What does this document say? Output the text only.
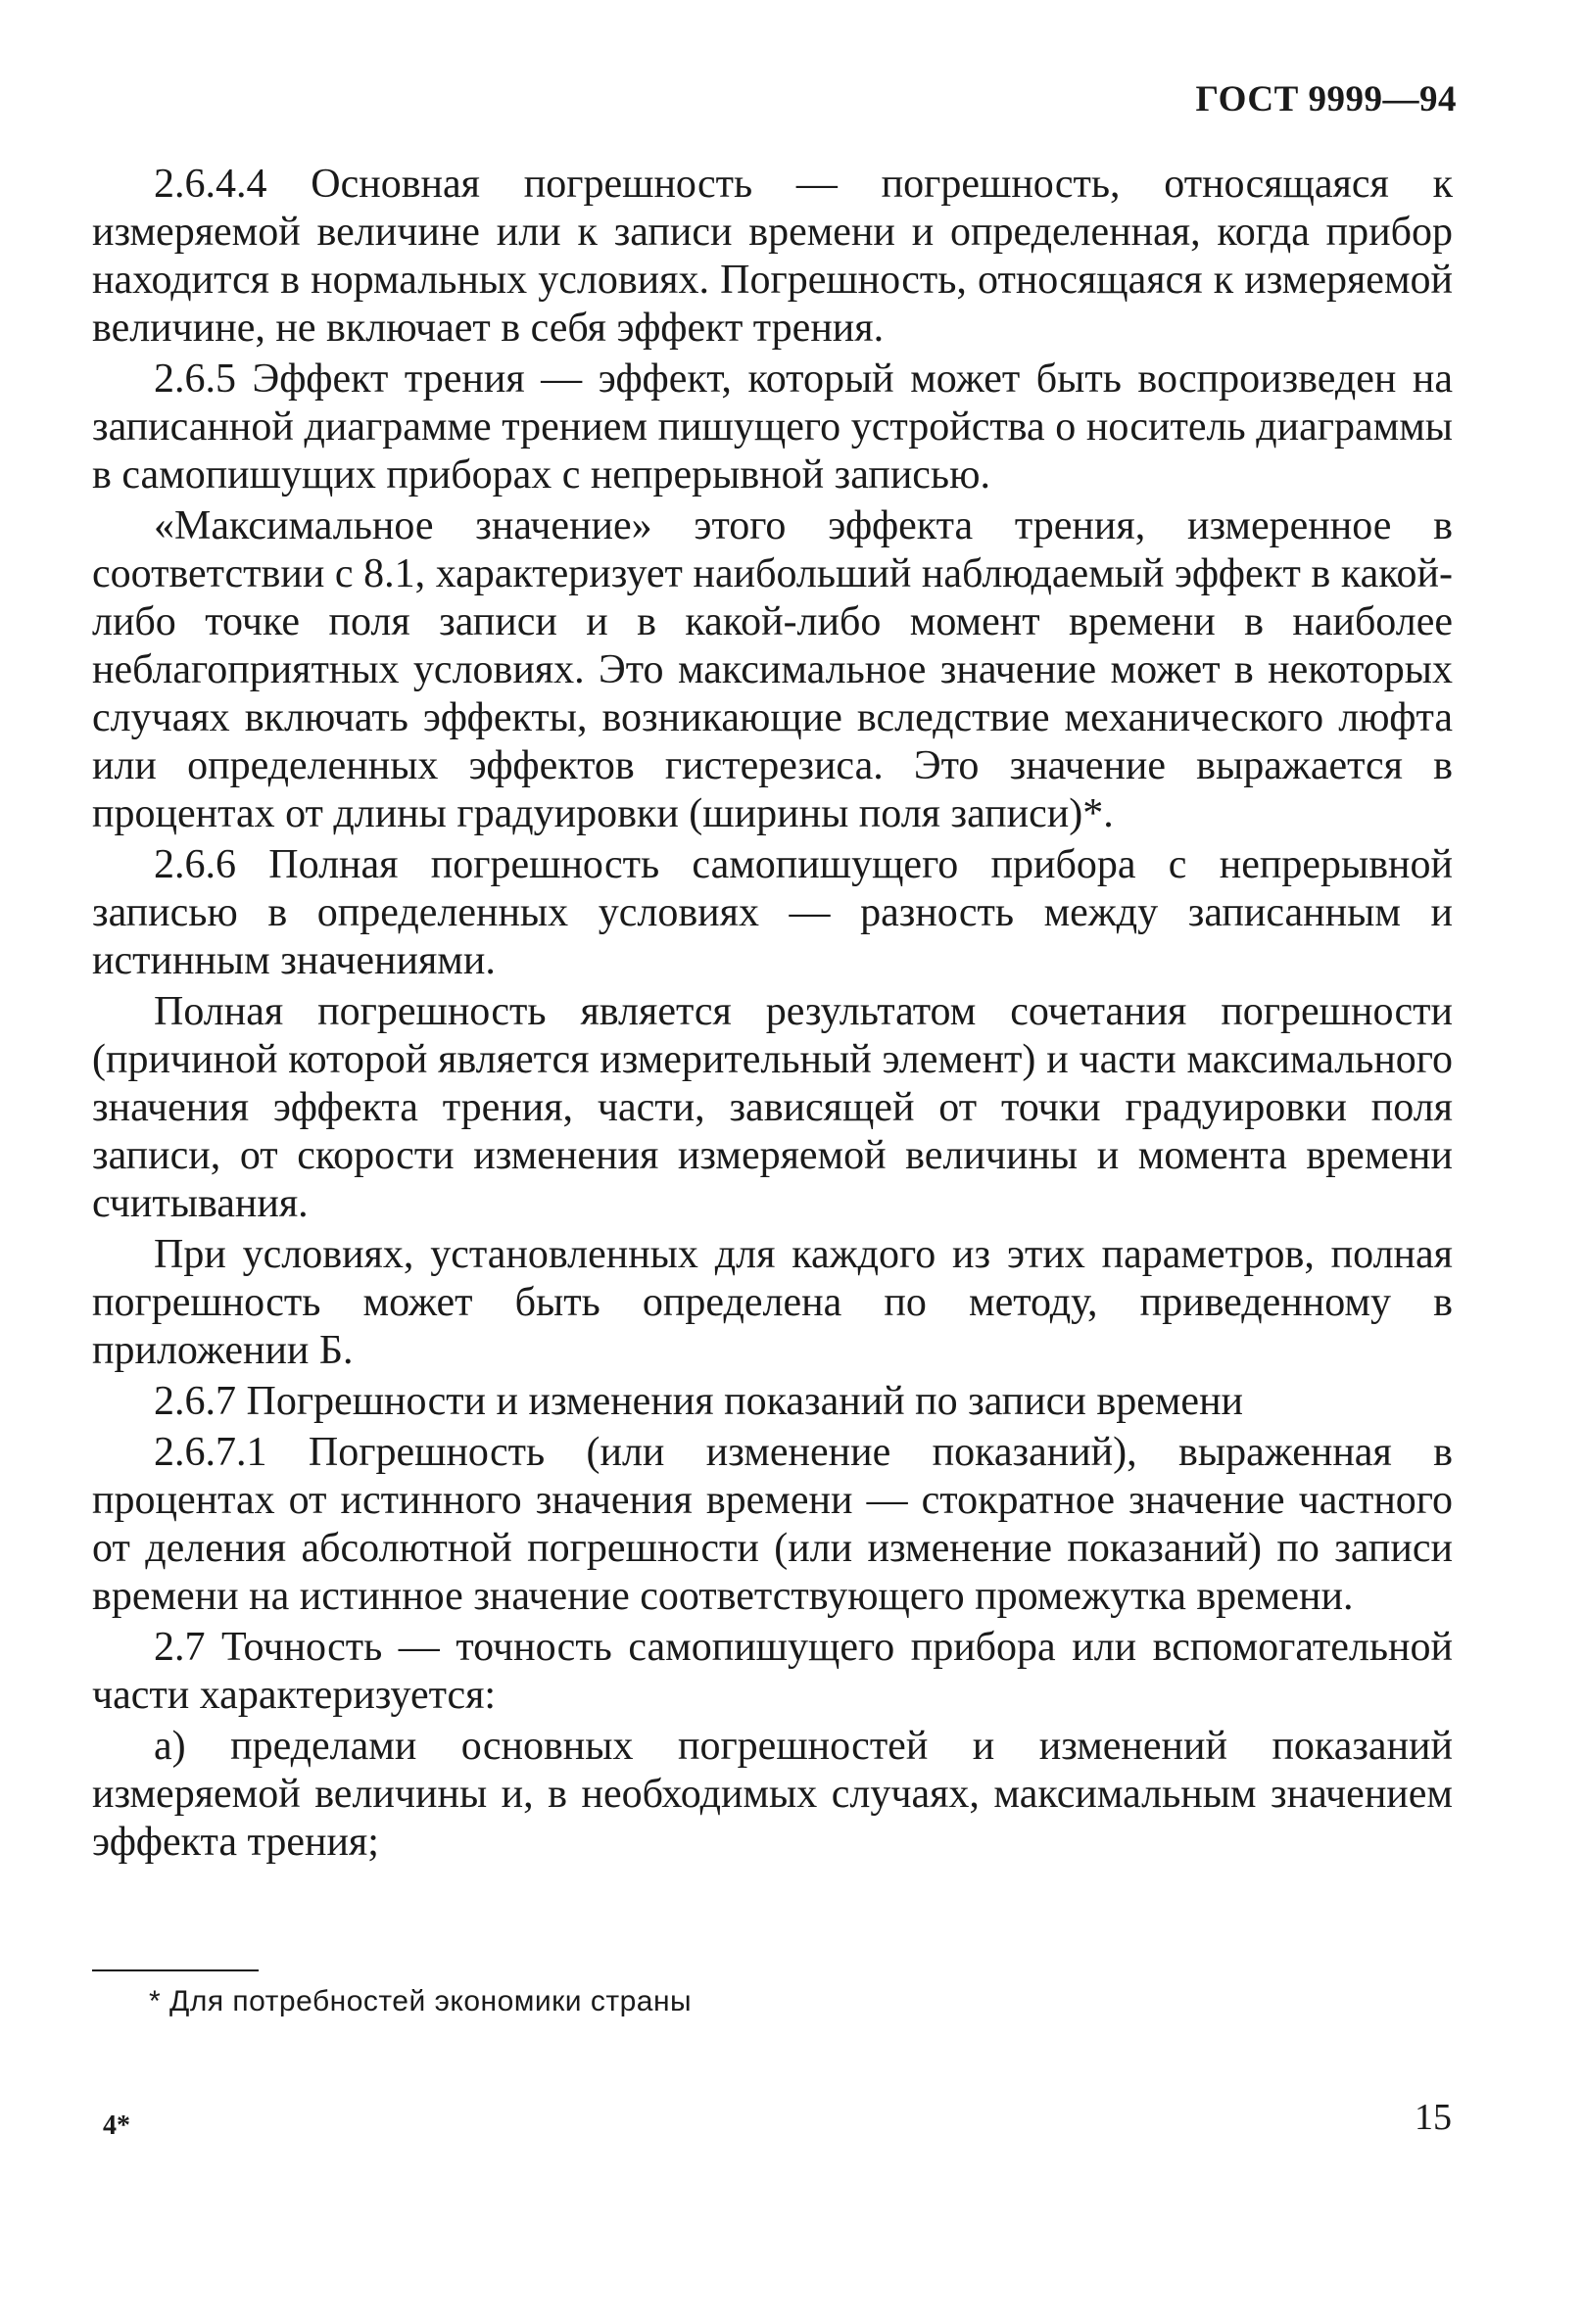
ГОСТ 9999—94

2.6.4.4 Основная погрешность — погрешность, относящаяся к измеряемой величине или к записи времени и определенная, когда прибор находится в нормальных условиях. Погрешность, относящаяся к измеряемой величине, не включает в себя эффект трения.

2.6.5 Эффект трения — эффект, который может быть воспроизведен на записанной диаграмме трением пишущего устройства о носитель диаграммы в самопишущих приборах с непрерывной записью.

«Максимальное значение» этого эффекта трения, измеренное в соответствии с 8.1, характеризует наибольший наблюдаемый эффект в какой-либо точке поля записи и в какой-либо момент времени в наиболее неблагоприятных условиях. Это максимальное значение может в некоторых случаях включать эффекты, возникающие вследствие механического люфта или определенных эффектов гистерезиса. Это значение выражается в процентах от длины градуировки (ширины поля записи)*.

2.6.6 Полная погрешность самопишущего прибора с непрерывной записью в определенных условиях — разность между записанным и истинным значениями.

Полная погрешность является результатом сочетания погрешности (причиной которой является измерительный элемент) и части максимального значения эффекта трения, части, зависящей от точки градуировки поля записи, от скорости изменения измеряемой величины и момента времени считывания.

При условиях, установленных для каждого из этих параметров, полная погрешность может быть определена по методу, приведенному в приложении Б.

2.6.7 Погрешности и изменения показаний по записи времени

2.6.7.1 Погрешность (или изменение показаний), выраженная в процентах от истинного значения времени — стократное значение частного от деления абсолютной погрешности (или изменение показаний) по записи времени на истинное значение соответствующего промежутка времени.

2.7 Точность — точность самопишущего прибора или вспомогательной части характеризуется:

а) пределами основных погрешностей и изменений показаний измеряемой величины и, в необходимых случаях, максимальным значением эффекта трения;

* Для потребностей экономики страны
4*	15
